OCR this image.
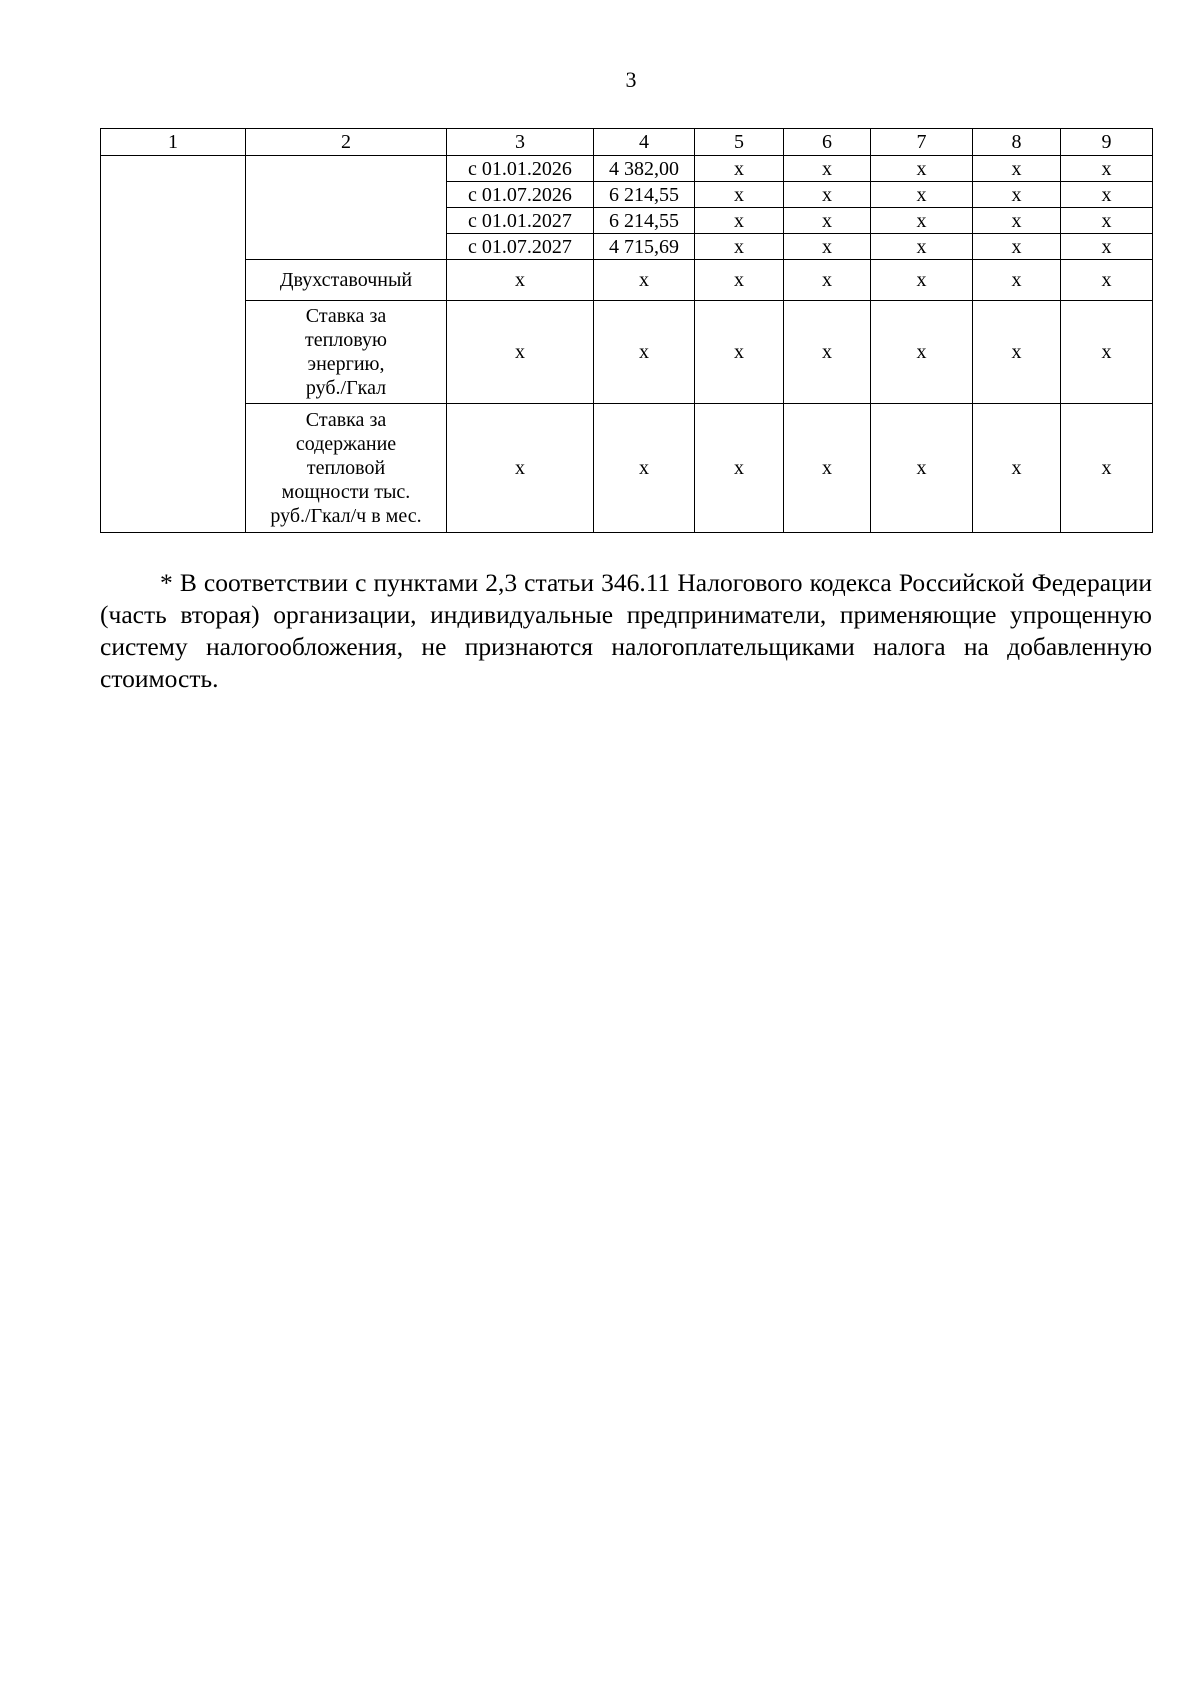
3
1	2	3	4	5	6	7	8	9
		с 01.01.2026	4 382,00	x	x	x	x	x
		с 01.07.2026	6 214,55	x	x	x	x	x
		с 01.01.2027	6 214,55	x	x	x	x	x
		с 01.07.2027	4 715,69	x	x	x	x	x
	Двухставочный	x	x	x	x	x	x	x
	Ставка за
тепловую
энергию,
руб./Гкал	x	x	x	x	x	x	x
	Ставка за
содержание
тепловой
мощности тыс.
руб./Гкал/ч в мес.	x	x	x	x	x	x	x

* В соответствии с пунктами 2,3 статьи 346.11 Налогового кодекса Российской Федерации (часть вторая) организации, индивидуальные предприниматели, применяющие упрощенную систему налогообложения, не признаются налогоплательщиками налога на добавленную стоимость.
